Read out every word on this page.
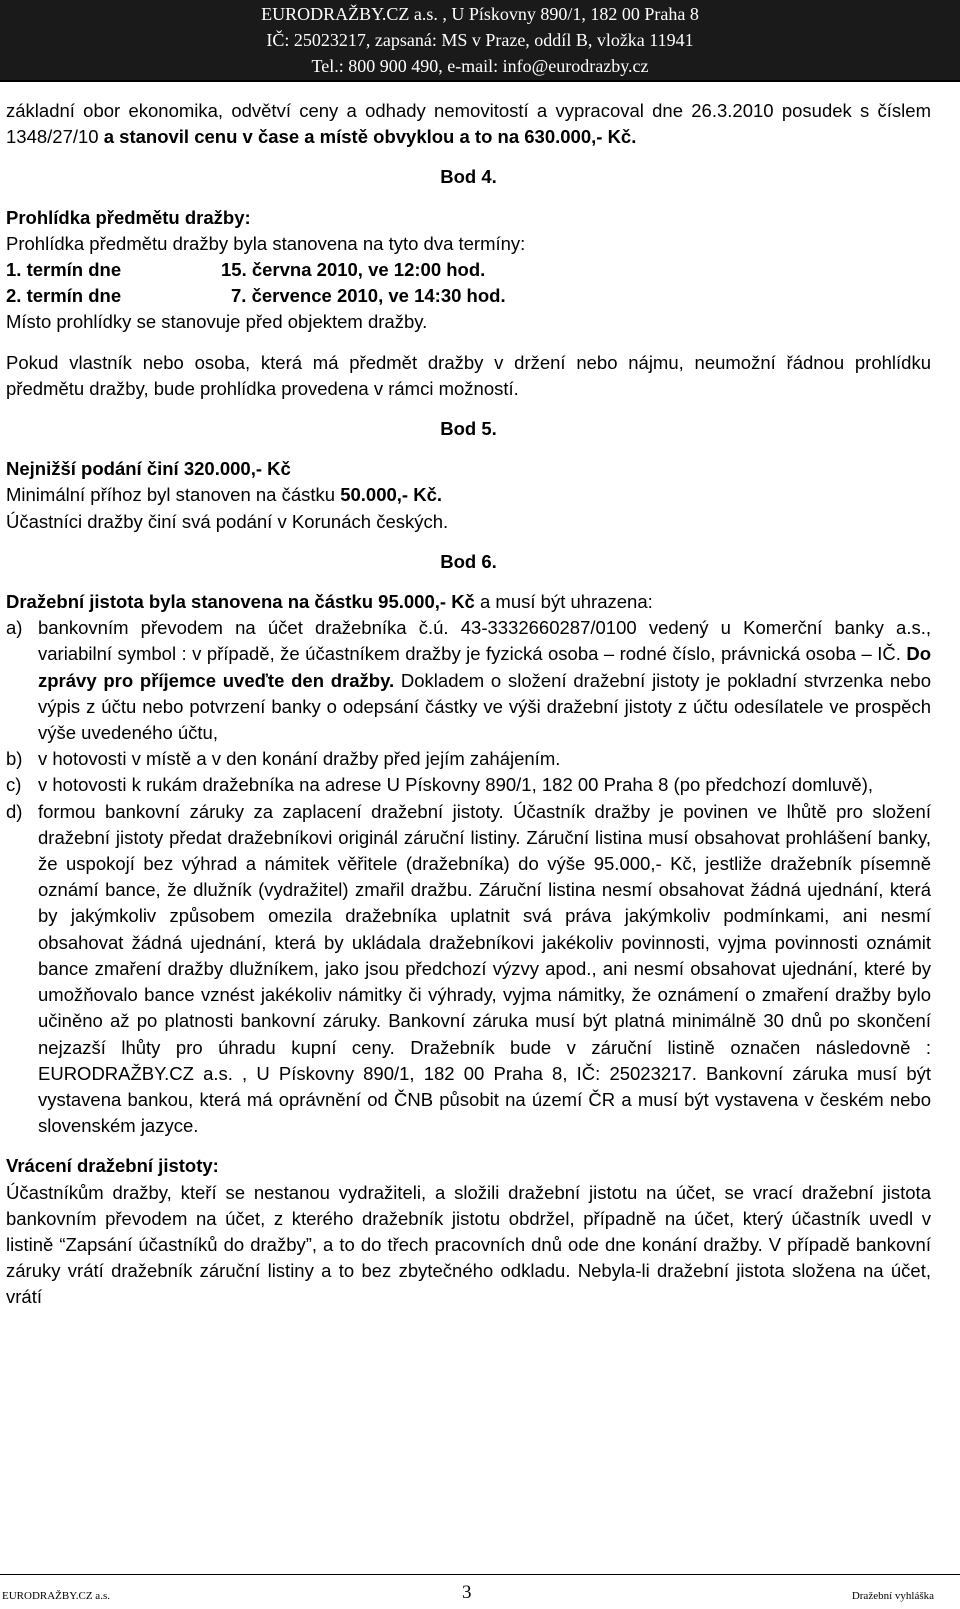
EURODRAŽBY.CZ a.s. , U Pískovny 890/1, 182 00 Praha 8
IČ: 25023217, zapsaná: MS v Praze, oddíl B, vložka 11941
Tel.: 800 900 490, e-mail: info@eurodrazby.cz

základní obor ekonomika, odvětví ceny a odhady nemovitostí a vypracoval dne 26.3.2010 posudek s číslem 1348/27/10 a stanovil cenu v čase a místě obvyklou a to na 630.000,- Kč.

Bod 4.

Prohlídka předmětu dražby:

Prohlídka předmětu dražby byla stanovena na tyto dva termíny:

1. termín dne	15. června 2010, ve 12:00 hod.
2. termín dne	7. července 2010, ve 14:30 hod.

Místo prohlídky se stanovuje před objektem dražby.

Pokud vlastník nebo osoba, která má předmět dražby v držení nebo nájmu, neumožní řádnou prohlídku předmětu dražby, bude prohlídka provedena v rámci možností.

Bod 5.

Nejnižší podání činí 320.000,- Kč

Minimální příhoz byl stanoven na částku 50.000,- Kč.

Účastníci dražby činí svá podání v Korunách českých.

Bod 6.

Dražební jistota byla stanovena na částku 95.000,- Kč a musí být uhrazena:

a) bankovním převodem na účet dražebníka č.ú. 43-3332660287/0100 vedený u Komerční banky a.s., variabilní symbol : v případě, že účastníkem dražby je fyzická osoba – rodné číslo, právnická osoba – IČ. Do zprávy pro příjemce uveďte den dražby. Dokladem o složení dražební jistoty je pokladní stvrzenka nebo výpis z účtu nebo potvrzení banky o odepsání částky ve výši dražební jistoty z účtu odesílatele ve prospěch výše uvedeného účtu,
b) v hotovosti v místě a v den konání dražby před jejím zahájením.
c) v hotovosti k rukám dražebníka na adrese U Pískovny 890/1, 182 00 Praha 8 (po předchozí domluvě),
d) formou bankovní záruky za zaplacení dražební jistoty. Účastník dražby je povinen ve lhůtě pro složení dražební jistoty předat dražebníkovi originál záruční listiny. Záruční listina musí obsahovat prohlášení banky, že uspokojí bez výhrad a námitek věřitele (dražebníka) do výše 95.000,- Kč, jestliže dražebník písemně oznámí bance, že dlužník (vydražitel) zmařil dražbu. Záruční listina nesmí obsahovat žádná ujednání, která by jakýmkoliv způsobem omezila dražebníka uplatnit svá práva jakýmkoliv podmínkami, ani nesmí obsahovat žádná ujednání, která by ukládala dražebníkovi jakékoliv povinnosti, vyjma povinnosti oznámit bance zmaření dražby dlužníkem, jako jsou předchozí výzvy apod., ani nesmí obsahovat ujednání, které by umožňovalo bance vznést jakékoliv námitky či výhrady, vyjma námitky, že oznámení o zmaření dražby bylo učiněno až po platnosti bankovní záruky. Bankovní záruka musí být platná minimálně 30 dnů po skončení nejzazší lhůty pro úhradu kupní ceny. Dražebník bude v záruční listině označen následovně : EURODRAŽBY.CZ a.s. , U Pískovny 890/1, 182 00 Praha 8, IČ: 25023217. Bankovní záruka musí být vystavena bankou, která má oprávnění od ČNB působit na území ČR a musí být vystavena v českém nebo slovenském jazyce.

Vrácení dražební jistoty:

Účastníkům dražby, kteří se nestanou vydražiteli, a složili dražební jistotu na účet, se vrací dražební jistota bankovním převodem na účet, z kterého dražebník jistotu obdržel, případně na účet, který účastník uvedl v listině “Zapsání účastníků do dražby”, a to do třech pracovních dnů ode dne konání dražby. V případě bankovní záruky vrátí dražebník záruční listiny a to bez zbytečného odkladu. Nebyla-li dražební jistota složena na účet, vrátí

EURODRAŽBY.CZ a.s.	3	Dražební vyhláška
